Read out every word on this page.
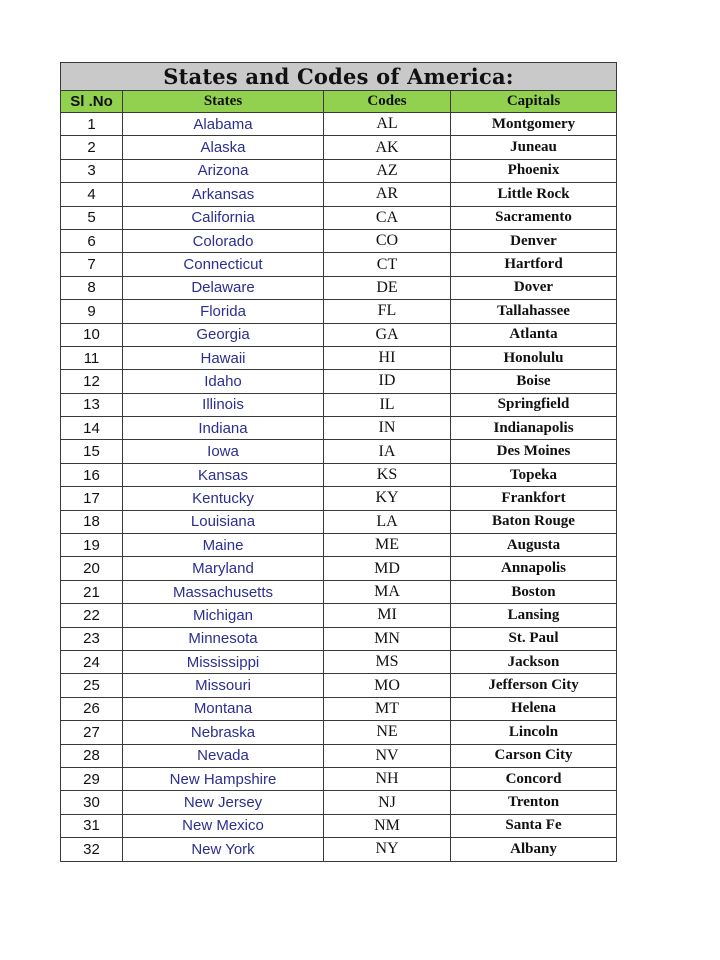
States and Codes of America:			
Sl .No	States	Codes	Capitals
1	Alabama	AL	Montgomery
2	Alaska	AK	Juneau
3	Arizona	AZ	Phoenix
4	Arkansas	AR	Little Rock
5	California	CA	Sacramento
6	Colorado	CO	Denver
7	Connecticut	CT	Hartford
8	Delaware	DE	Dover
9	Florida	FL	Tallahassee
10	Georgia	GA	Atlanta
11	Hawaii	HI	Honolulu
12	Idaho	ID	Boise
13	Illinois	IL	Springfield
14	Indiana	IN	Indianapolis
15	Iowa	IA	Des Moines
16	Kansas	KS	Topeka
17	Kentucky	KY	Frankfort
18	Louisiana	LA	Baton Rouge
19	Maine	ME	Augusta
20	Maryland	MD	Annapolis
21	Massachusetts	MA	Boston
22	Michigan	MI	Lansing
23	Minnesota	MN	St. Paul
24	Mississippi	MS	Jackson
25	Missouri	MO	Jefferson City
26	Montana	MT	Helena
27	Nebraska	NE	Lincoln
28	Nevada	NV	Carson City
29	New Hampshire	NH	Concord
30	New Jersey	NJ	Trenton
31	New Mexico	NM	Santa Fe
32	New York	NY	Albany
